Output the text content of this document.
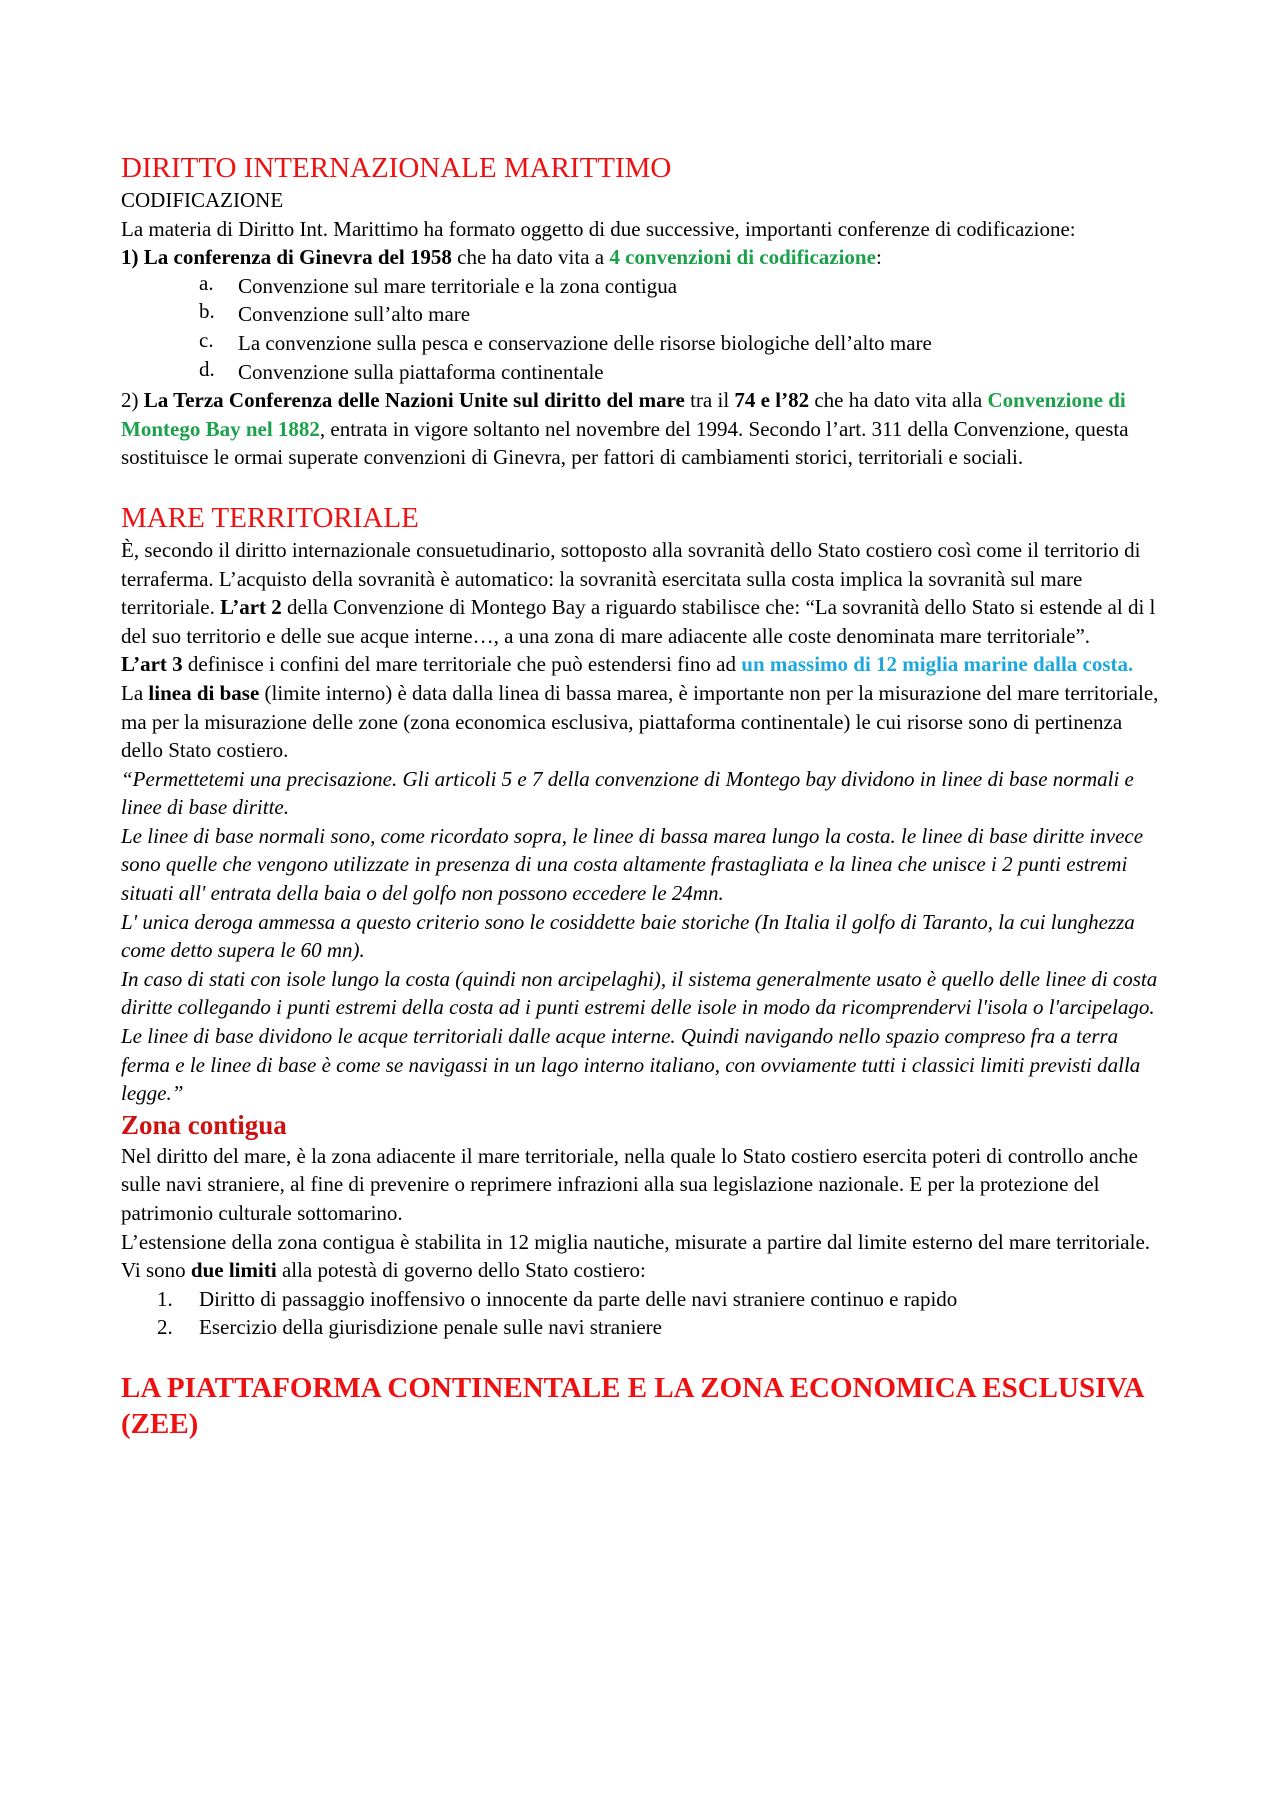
DIRITTO INTERNAZIONALE MARITTIMO

CODIFICAZIONE

La materia di Diritto Int. Marittimo ha formato oggetto di due successive, importanti conferenze di codificazione:

1) La conferenza di Ginevra del 1958 che ha dato vita a 4 convenzioni di codificazione:

a. Convenzione sul mare territoriale e la zona contigua
b. Convenzione sull’alto mare
c. La convenzione sulla pesca e conservazione delle risorse biologiche dell’alto mare
d. Convenzione sulla piattaforma continentale

2) La Terza Conferenza delle Nazioni Unite sul diritto del mare tra il 74 e l’82 che ha dato vita alla Convenzione di Montego Bay nel 1882, entrata in vigore soltanto nel novembre del 1994. Secondo l’art. 311 della Convenzione, questa sostituisce le ormai superate convenzioni di Ginevra, per fattori di cambiamenti storici, territoriali e sociali.

MARE TERRITORIALE

È, secondo il diritto internazionale consuetudinario, sottoposto alla sovranità dello Stato costiero così come il territorio di terraferma. L’acquisto della sovranità è automatico: la sovranità esercitata sulla costa implica la sovranità sul mare territoriale. L’art 2 della Convenzione di Montego Bay a riguardo stabilisce che: “La sovranità dello Stato si estende al di l del suo territorio e delle sue acque interne…, a una zona di mare adiacente alle coste denominata mare territoriale”.

L’art 3 definisce i confini del mare territoriale che può estendersi fino ad un massimo di 12 miglia marine dalla costa.

La linea di base (limite interno) è data dalla linea di bassa marea, è importante non per la misurazione del mare territoriale, ma per la misurazione delle zone (zona economica esclusiva, piattaforma continentale) le cui risorse sono di pertinenza dello Stato costiero.

“Permettetemi una precisazione. Gli articoli 5 e 7 della convenzione di Montego bay dividono in linee di base normali e linee di base diritte.

Le linee di base normali sono, come ricordato sopra, le linee di bassa marea lungo la costa. le linee di base diritte invece sono quelle che vengono utilizzate in presenza di una costa altamente frastagliata e la linea che unisce i 2 punti estremi situati all' entrata della baia o del golfo non possono eccedere le 24mn.

L' unica deroga ammessa a questo criterio sono le cosiddette baie storiche (In Italia il golfo di Taranto, la cui lunghezza come detto supera le 60 mn).

In caso di stati con isole lungo la costa (quindi non arcipelaghi), il sistema generalmente usato è quello delle linee di costa diritte collegando i punti estremi della costa ad i punti estremi delle isole in modo da ricomprendervi l'isola o l'arcipelago.

Le linee di base dividono le acque territoriali dalle acque interne. Quindi navigando nello spazio compreso fra a terra ferma e le linee di base è come se navigassi in un lago interno italiano, con ovviamente tutti i classici limiti previsti dalla legge.”

Zona contigua

Nel diritto del mare, è la zona adiacente il mare territoriale, nella quale lo Stato costiero esercita poteri di controllo anche sulle navi straniere, al fine di prevenire o reprimere infrazioni alla sua legislazione nazionale. E per la protezione del patrimonio culturale sottomarino.

L’estensione della zona contigua è stabilita in 12 miglia nautiche, misurate a partire dal limite esterno del mare territoriale.

Vi sono due limiti alla potestà di governo dello Stato costiero:

1. Diritto di passaggio inoffensivo o innocente da parte delle navi straniere continuo e rapido
2. Esercizio della giurisdizione penale sulle navi straniere
LA PIATTAFORMA CONTINENTALE E LA ZONA ECONOMICA ESCLUSIVA (ZEE)
